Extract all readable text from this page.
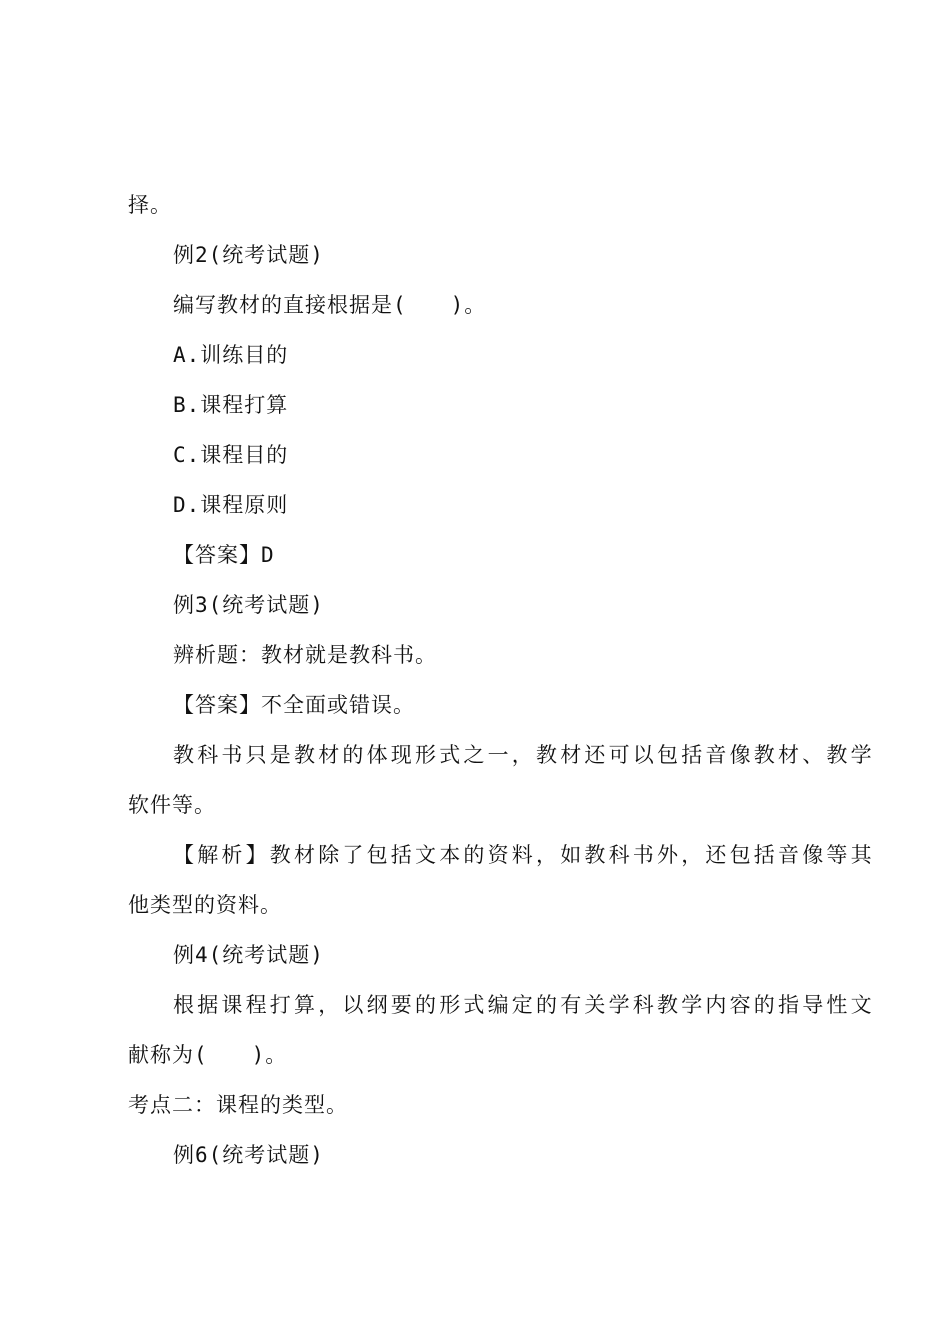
择。
例2(统考试题)
编写教材的直接根据是(　　)。
A.训练目的
B.课程打算
C.课程目的
D.课程原则
【答案】D
例3(统考试题)
辨析题：教材就是教科书。
【答案】不全面或错误。
教科书只是教材的体现形式之一，教材还可以包括音像教材、教学
软件等。
【解析】教材除了包括文本的资料，如教科书外，还包括音像等其
他类型的资料。
例4(统考试题)
根据课程打算，以纲要的形式编定的有关学科教学内容的指导性文
献称为(　　)。
考点二：课程的类型。
例6(统考试题)
